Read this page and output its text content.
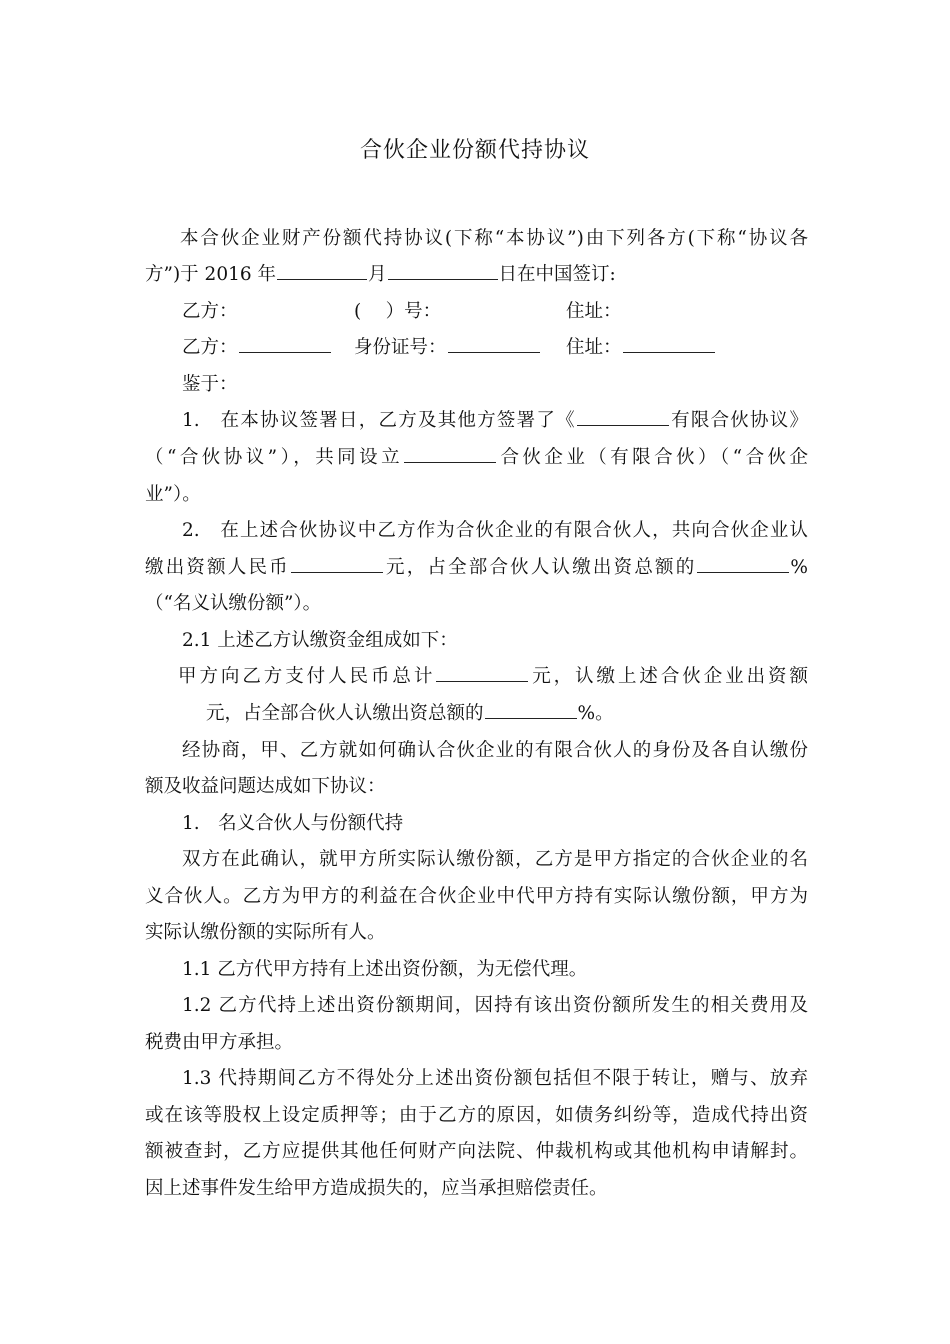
合伙企业份额代持协议
本合伙企业财产份额代持协议(下称“本协议”)由下列各方(下称“协议各
方”)于 2016 年	月	日在中国签订:
乙方：	(　 ）号：	住址：
乙方：	身份证号：	住址：
鉴于：
1.　在本协议签署日，乙方及其他方签署了《	有限合伙协议》
（“合伙协议”），共同设立	合伙企业（有限合伙）（“合伙企
业”）。
2.　在上述合伙协议中乙方作为合伙企业的有限合伙人，共向合伙企业认
缴出资额人民币	元，占全部合伙人认缴出资总额的	%
（“名义认缴份额”）。
2.1 上述乙方认缴资金组成如下：
甲方向乙方支付人民币总计	元，认缴上述合伙企业出资额
元，占全部合伙人认缴出资总额的	%。
经协商，甲、乙方就如何确认合伙企业的有限合伙人的身份及各自认缴份
额及收益问题达成如下协议：
1.　名义合伙人与份额代持
双方在此确认，就甲方所实际认缴份额，乙方是甲方指定的合伙企业的名
义合伙人。乙方为甲方的利益在合伙企业中代甲方持有实际认缴份额，甲方为
实际认缴份额的实际所有人。
1.1 乙方代甲方持有上述出资份额，为无偿代理。
1.2 乙方代持上述出资份额期间，因持有该出资份额所发生的相关费用及
税费由甲方承担。
1.3 代持期间乙方不得处分上述出资份额包括但不限于转让，赠与、放弃
或在该等股权上设定质押等；由于乙方的原因，如债务纠纷等，造成代持出资
额被查封，乙方应提供其他任何财产向法院、仲裁机构或其他机构申请解封。
因上述事件发生给甲方造成损失的，应当承担赔偿责任。
